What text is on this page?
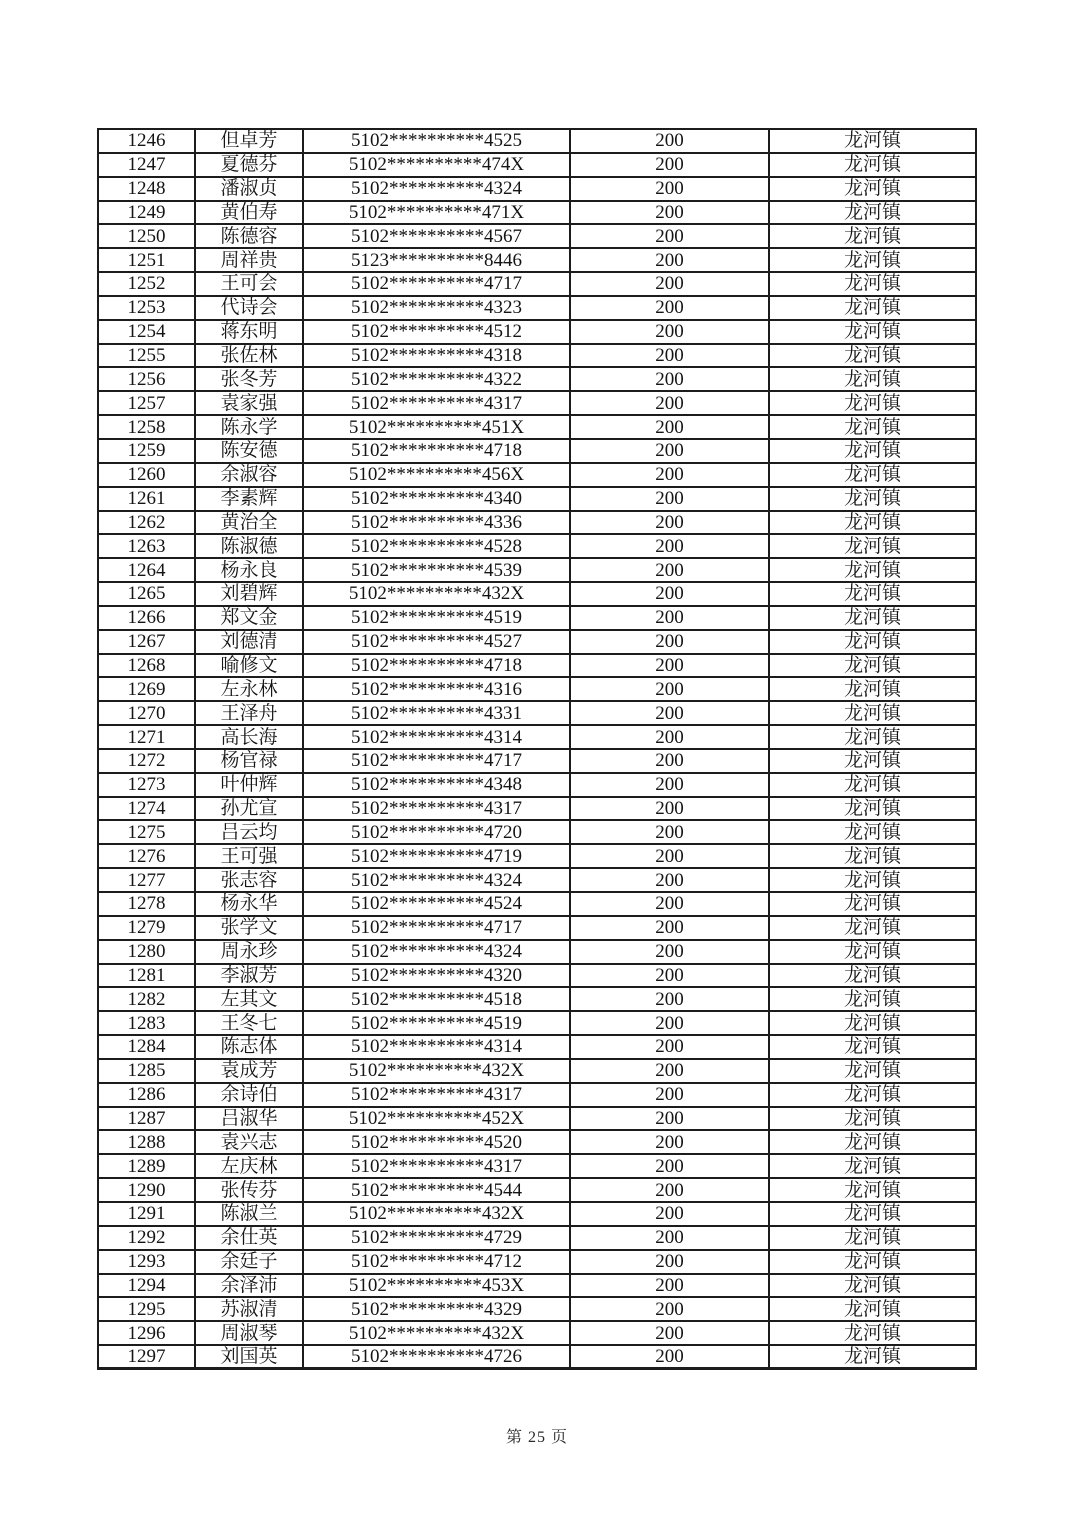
1246	但卓芳	5102**********4525	200	龙河镇
1247	夏德芬	5102**********474X	200	龙河镇
1248	潘淑贞	5102**********4324	200	龙河镇
1249	黄伯寿	5102**********471X	200	龙河镇
1250	陈德容	5102**********4567	200	龙河镇
1251	周祥贵	5123**********8446	200	龙河镇
1252	王可会	5102**********4717	200	龙河镇
1253	代诗会	5102**********4323	200	龙河镇
1254	蒋东明	5102**********4512	200	龙河镇
1255	张佐林	5102**********4318	200	龙河镇
1256	张冬芳	5102**********4322	200	龙河镇
1257	袁家强	5102**********4317	200	龙河镇
1258	陈永学	5102**********451X	200	龙河镇
1259	陈安德	5102**********4718	200	龙河镇
1260	余淑容	5102**********456X	200	龙河镇
1261	李素辉	5102**********4340	200	龙河镇
1262	黄治全	5102**********4336	200	龙河镇
1263	陈淑德	5102**********4528	200	龙河镇
1264	杨永良	5102**********4539	200	龙河镇
1265	刘碧辉	5102**********432X	200	龙河镇
1266	郑文金	5102**********4519	200	龙河镇
1267	刘德清	5102**********4527	200	龙河镇
1268	喻修文	5102**********4718	200	龙河镇
1269	左永林	5102**********4316	200	龙河镇
1270	王泽舟	5102**********4331	200	龙河镇
1271	高长海	5102**********4314	200	龙河镇
1272	杨官禄	5102**********4717	200	龙河镇
1273	叶仲辉	5102**********4348	200	龙河镇
1274	孙尤宣	5102**********4317	200	龙河镇
1275	吕云均	5102**********4720	200	龙河镇
1276	王可强	5102**********4719	200	龙河镇
1277	张志容	5102**********4324	200	龙河镇
1278	杨永华	5102**********4524	200	龙河镇
1279	张学文	5102**********4717	200	龙河镇
1280	周永珍	5102**********4324	200	龙河镇
1281	李淑芳	5102**********4320	200	龙河镇
1282	左其文	5102**********4518	200	龙河镇
1283	王冬七	5102**********4519	200	龙河镇
1284	陈志体	5102**********4314	200	龙河镇
1285	袁成芳	5102**********432X	200	龙河镇
1286	余诗伯	5102**********4317	200	龙河镇
1287	吕淑华	5102**********452X	200	龙河镇
1288	袁兴志	5102**********4520	200	龙河镇
1289	左庆林	5102**********4317	200	龙河镇
1290	张传芬	5102**********4544	200	龙河镇
1291	陈淑兰	5102**********432X	200	龙河镇
1292	余仕英	5102**********4729	200	龙河镇
1293	余廷子	5102**********4712	200	龙河镇
1294	余泽沛	5102**********453X	200	龙河镇
1295	苏淑清	5102**********4329	200	龙河镇
1296	周淑琴	5102**********432X	200	龙河镇
1297	刘国英	5102**********4726	200	龙河镇
第 25 页
